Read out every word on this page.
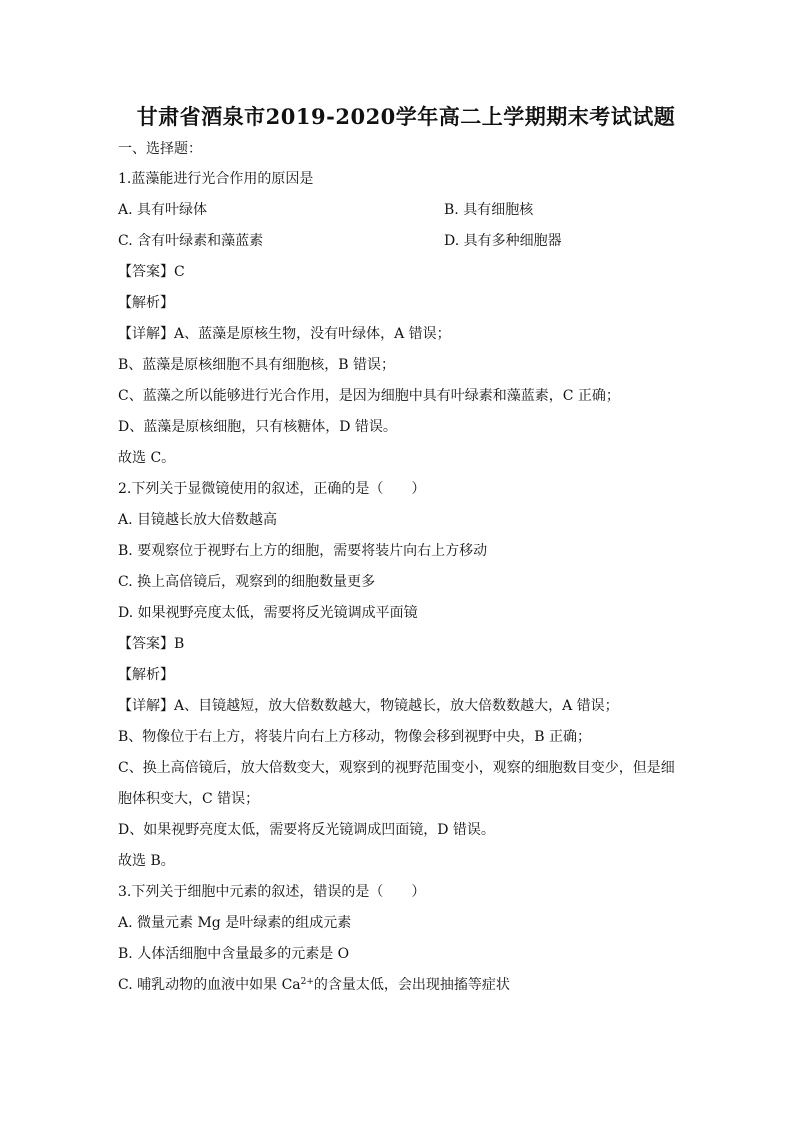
甘肃省酒泉市2019-2020学年高二上学期期末考试试题
一、选择题：
1.蓝藻能进行光合作用的原因是
A. 具有叶绿体	B. 具有细胞核
C. 含有叶绿素和藻蓝素	D. 具有多种细胞器
【答案】C
【解析】
【详解】A、蓝藻是原核生物，没有叶绿体，A 错误；
B、蓝藻是原核细胞不具有细胞核，B 错误；
C、蓝藻之所以能够进行光合作用，是因为细胞中具有叶绿素和藻蓝素，C 正确；
D、蓝藻是原核细胞，只有核糖体，D 错误。
故选 C。
2.下列关于显微镜使用的叙述，正确的是（　　）
A. 目镜越长放大倍数越高
B. 要观察位于视野右上方的细胞，需要将装片向右上方移动
C. 换上高倍镜后，观察到的细胞数量更多
D. 如果视野亮度太低，需要将反光镜调成平面镜
【答案】B
【解析】
【详解】A、目镜越短，放大倍数数越大，物镜越长，放大倍数数越大，A 错误；
B、物像位于右上方，将装片向右上方移动，物像会移到视野中央，B 正确；
C、换上高倍镜后，放大倍数变大，观察到的视野范围变小，观察的细胞数目变少，但是细
胞体积变大，C 错误；
D、如果视野亮度太低，需要将反光镜调成凹面镜，D 错误。
故选 B。
3.下列关于细胞中元素的叙述，错误的是（　　）
A. 微量元素 Mg 是叶绿素的组成元素
B. 人体活细胞中含量最多的元素是 O
C. 哺乳动物的血液中如果 $Ca^{2+}$的含量太低，会出现抽搐等症状
